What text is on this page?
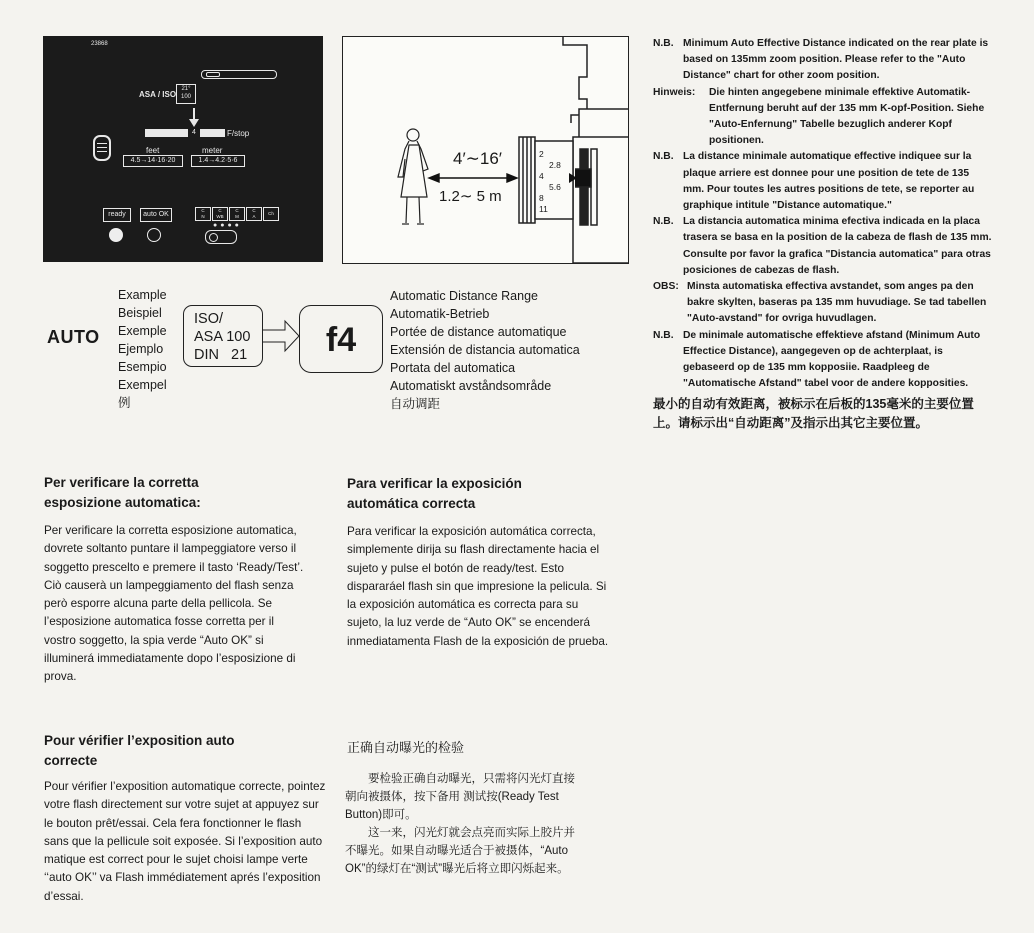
23868
ASA / ISO
21°
100
4	F/stop
feet	meter
4.5→14·16·20	1.4→4.2·5·6
ready	auto OK
C
N
C
WB
C
M
C
A
Ch
●●●●
4′∼16′
1.2∼ 5 m
2
2.8
4
5.6
8
11
AUTO
Example
Beispiel
Exemple
Ejemplo
Esempio
Exempel
例
ISO/
ASA 100
DIN   21	f4
Automatic Distance Range
Automatik-Betrieb
Portée de distance automatique
Extensión de distancia automatica
Portata del automatica
Automatiskt avståndsområde
自动调距
Per verificare la corretta esposizione automatica:
Per verificare la corretta esposizione automatica, dovrete soltanto puntare il lampeggiatore verso il soggetto prescelto e premere il tasto ‘Ready/Test’. Ciò causerà un lampeggiamento del flash senza però esporre alcuna parte della pellicola. Se l’esposizione automatica fosse corretta per il vostro soggetto, la spia verde “Auto OK” si illuminerá immediatamente dopo l’esposizione di prova.
Pour vérifier l’exposition auto correcte
Pour vérifier l’exposition automatique correcte, pointez votre flash directement sur votre sujet at appuyez sur le bouton prêt/essai. Cela fera fonctionner le flash sans que la pellicule soit exposée. Si l’exposition auto matique est correct pour le sujet choisi lampe verte ‘‘auto OK’’ va Flash immédiatement aprés l’exposition d’essai.
Para verificar la exposición automática correcta
Para verificar la exposición automática correcta, simplemente dirija su flash directamente hacia el sujeto y pulse el botón de ready/test. Esto dispararáel flash sin que impresione la pelicula. Si la exposición automática es correcta para su sujeto, la luz verde de “Auto OK” se encenderá inmediatamenta Flash de la exposición de prueba.
正确自动曝光的检验
要检验正确自动曝光，只需将闪光灯直接朝向被摄体，按下备用 测试按(Ready Test Button)即可。
这一来，闪光灯就会点亮而实际上胶片并不曝光。如果自动曝光适合于被摄体，“Auto OK”的绿灯在“测试”曝光后将立即闪烁起来。
N.B. Minimum Auto Effective Distance indicated on the rear plate is based on 135mm zoom position. Please refer to the "Auto Distance" chart for other zoom position.
Hinweis:	Die hinten angegebene minimale effektive Automatik-Entfernung beruht auf der 135 mm K-opf-Position. Siehe "Auto-Enfernung" Tabelle bezuglich anderer Kopf positionen.
N.B. La distance minimale automatique effective indiquee sur la plaque arriere est donnee pour une position de tete de 135 mm. Pour toutes les autres positions de tete, se reporter au graphique intitule "Distance automatique."
N.B. La distancia automatica minima efectiva indicada en la placa trasera se basa en la position de la cabeza de flash de 135 mm. Consulte por favor la grafica "Distancia automatica" para otras posiciones de cabezas de flash.
OBS: Minsta automatiska effectiva avstandet, som anges pa den bakre skylten, baseras pa 135 mm huvudiage. Se tad tabellen "Auto-avstand" for ovriga huvudlagen.
N.B. De minimale automatische effektieve afstand (Minimum Auto Effectice Distance), aangegeven op de achterplaat, is gebaseerd op de 135 mm kopposiie. Raadpleeg de "Automatische Afstand" tabel voor de andere kopposities.
最小的自动有效距离，被标示在后板的135毫米的主要位置上。请标示出“自动距离”及指示出其它主要位置。
